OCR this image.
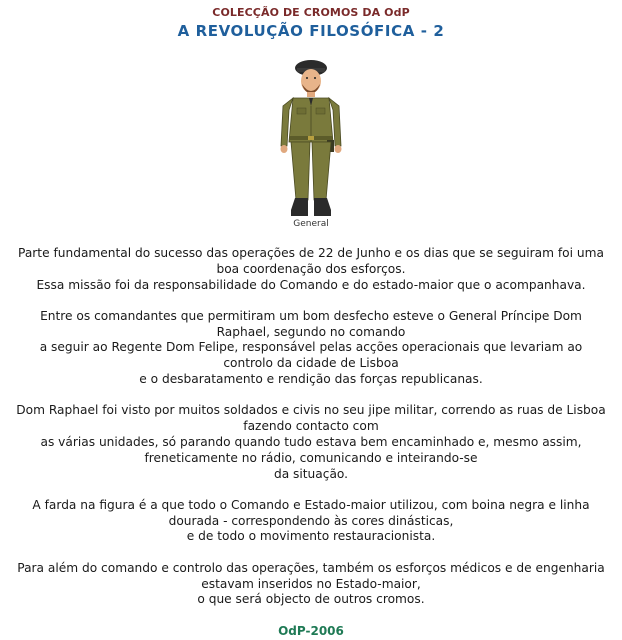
COLECÇÃO DE CROMOS DA OdP
A REVOLUÇÃO FILOSÓFICA - 2
General

Parte fundamental do sucesso das operações de 22 de Junho e os dias que se seguiram foi uma boa coordenação dos esforços.
Essa missão foi da responsabilidade do Comando e do estado-maior que o acompanhava.

Entre os comandantes que permitiram um bom desfecho esteve o General Príncipe Dom Raphael, segundo no comando
a seguir ao Regente Dom Felipe, responsável pelas acções operacionais que levariam ao controlo da cidade de Lisboa
e o desbaratamento e rendição das forças republicanas.

Dom Raphael foi visto por muitos soldados e civis no seu jipe militar, correndo as ruas de Lisboa fazendo contacto com
as várias unidades, só parando quando tudo estava bem encaminhado e, mesmo assim, freneticamente no rádio, comunicando e inteirando-se
da situação.

A farda na figura é a que todo o Comando e Estado-maior utilizou, com boina negra e linha dourada - correspondendo às cores dinásticas,
e de todo o movimento restauracionista.

Para além do comando e controlo das operações, também os esforços médicos e de engenharia estavam inseridos no Estado-maior,
o que será objecto de outros cromos.

OdP-2006
